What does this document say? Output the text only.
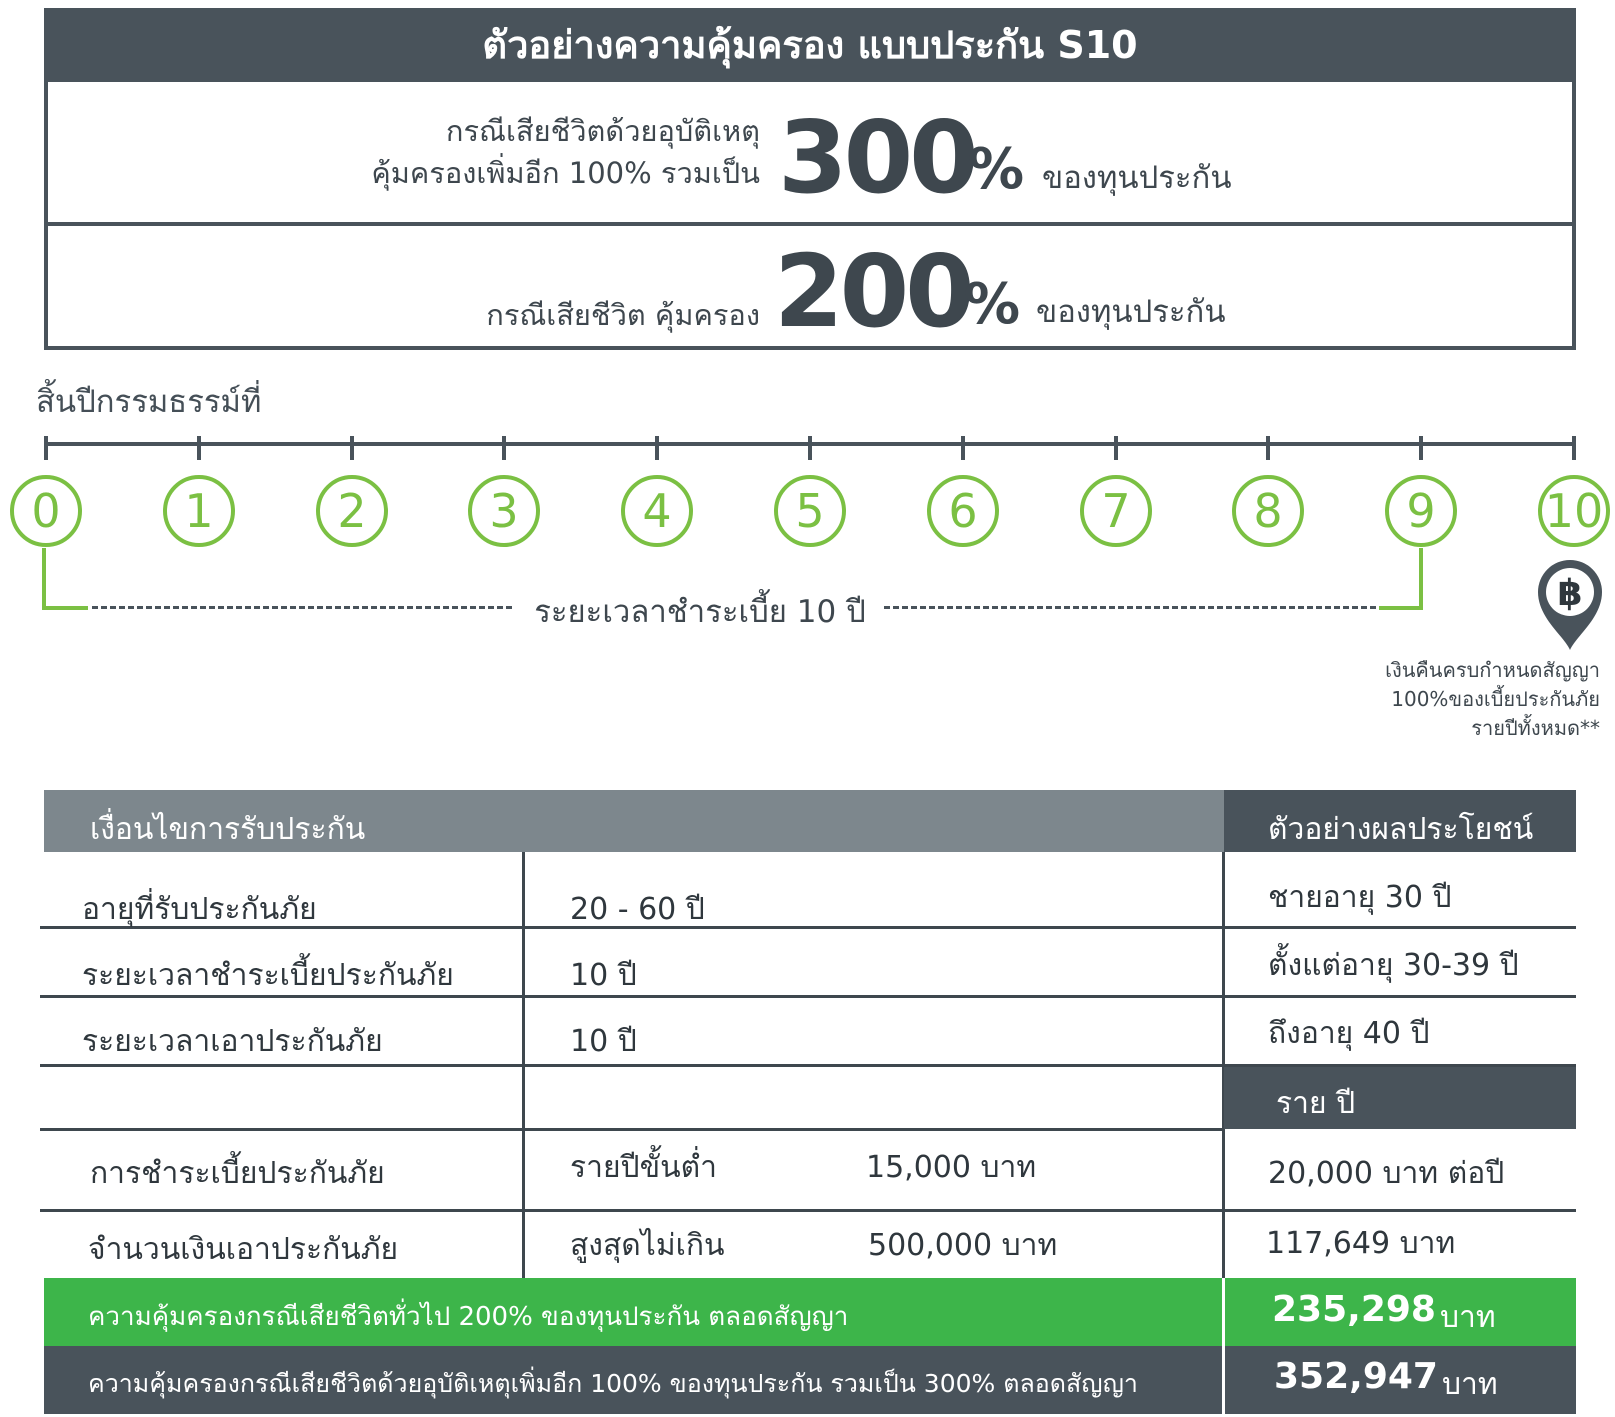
ตัวอย่างความคุ้มครอง แบบประกัน S10
กรณีเสียชีวิตด้วยอุบัติเหตุ
คุ้มครองเพิ่มอีก 100% รวมเป็น 300
% ของทุนประกัน
กรณีเสียชีวิต คุ้มครอง 200
% ของทุนประกัน
สิ้นปีกรรมธรรม์ที่
0	1	2	3	4	5	6	7	8	9	10
ระยะเวลาชำระเบี้ย 10 ปี	฿
เงินคืนครบกำหนดสัญญา
100%ของเบี้ยประกันภัย
รายปีทั้งหมด**
เงื่อนไขการรับประกัน	ตัวอย่างผลประโยชน์
อายุที่รับประกันภัย	20 - 60 ปี	ชายอายุ 30 ปี
ระยะเวลาชำระเบี้ยประกันภัย	10 ปี	ตั้งแต่อายุ 30-39 ปี
ระยะเวลาเอาประกันภัย	10 ปี	ถึงอายุ 40 ปี
ราย ปี
การชำระเบี้ยประกันภัย	รายปีขั้นต่ำ	15,000 บาท	20,000 บาท ต่อปี
จำนวนเงินเอาประกันภัย	สูงสุดไม่เกิน	500,000 บาท	117,649 บาท
ความคุ้มครองกรณีเสียชีวิตทั่วไป 200% ของทุนประกัน ตลอดสัญญา	235,298 บาท
ความคุ้มครองกรณีเสียชีวิตด้วยอุบัติเหตุเพิ่มอีก 100% ของทุนประกัน รวมเป็น 300% ตลอดสัญญา	352,947 บาท
